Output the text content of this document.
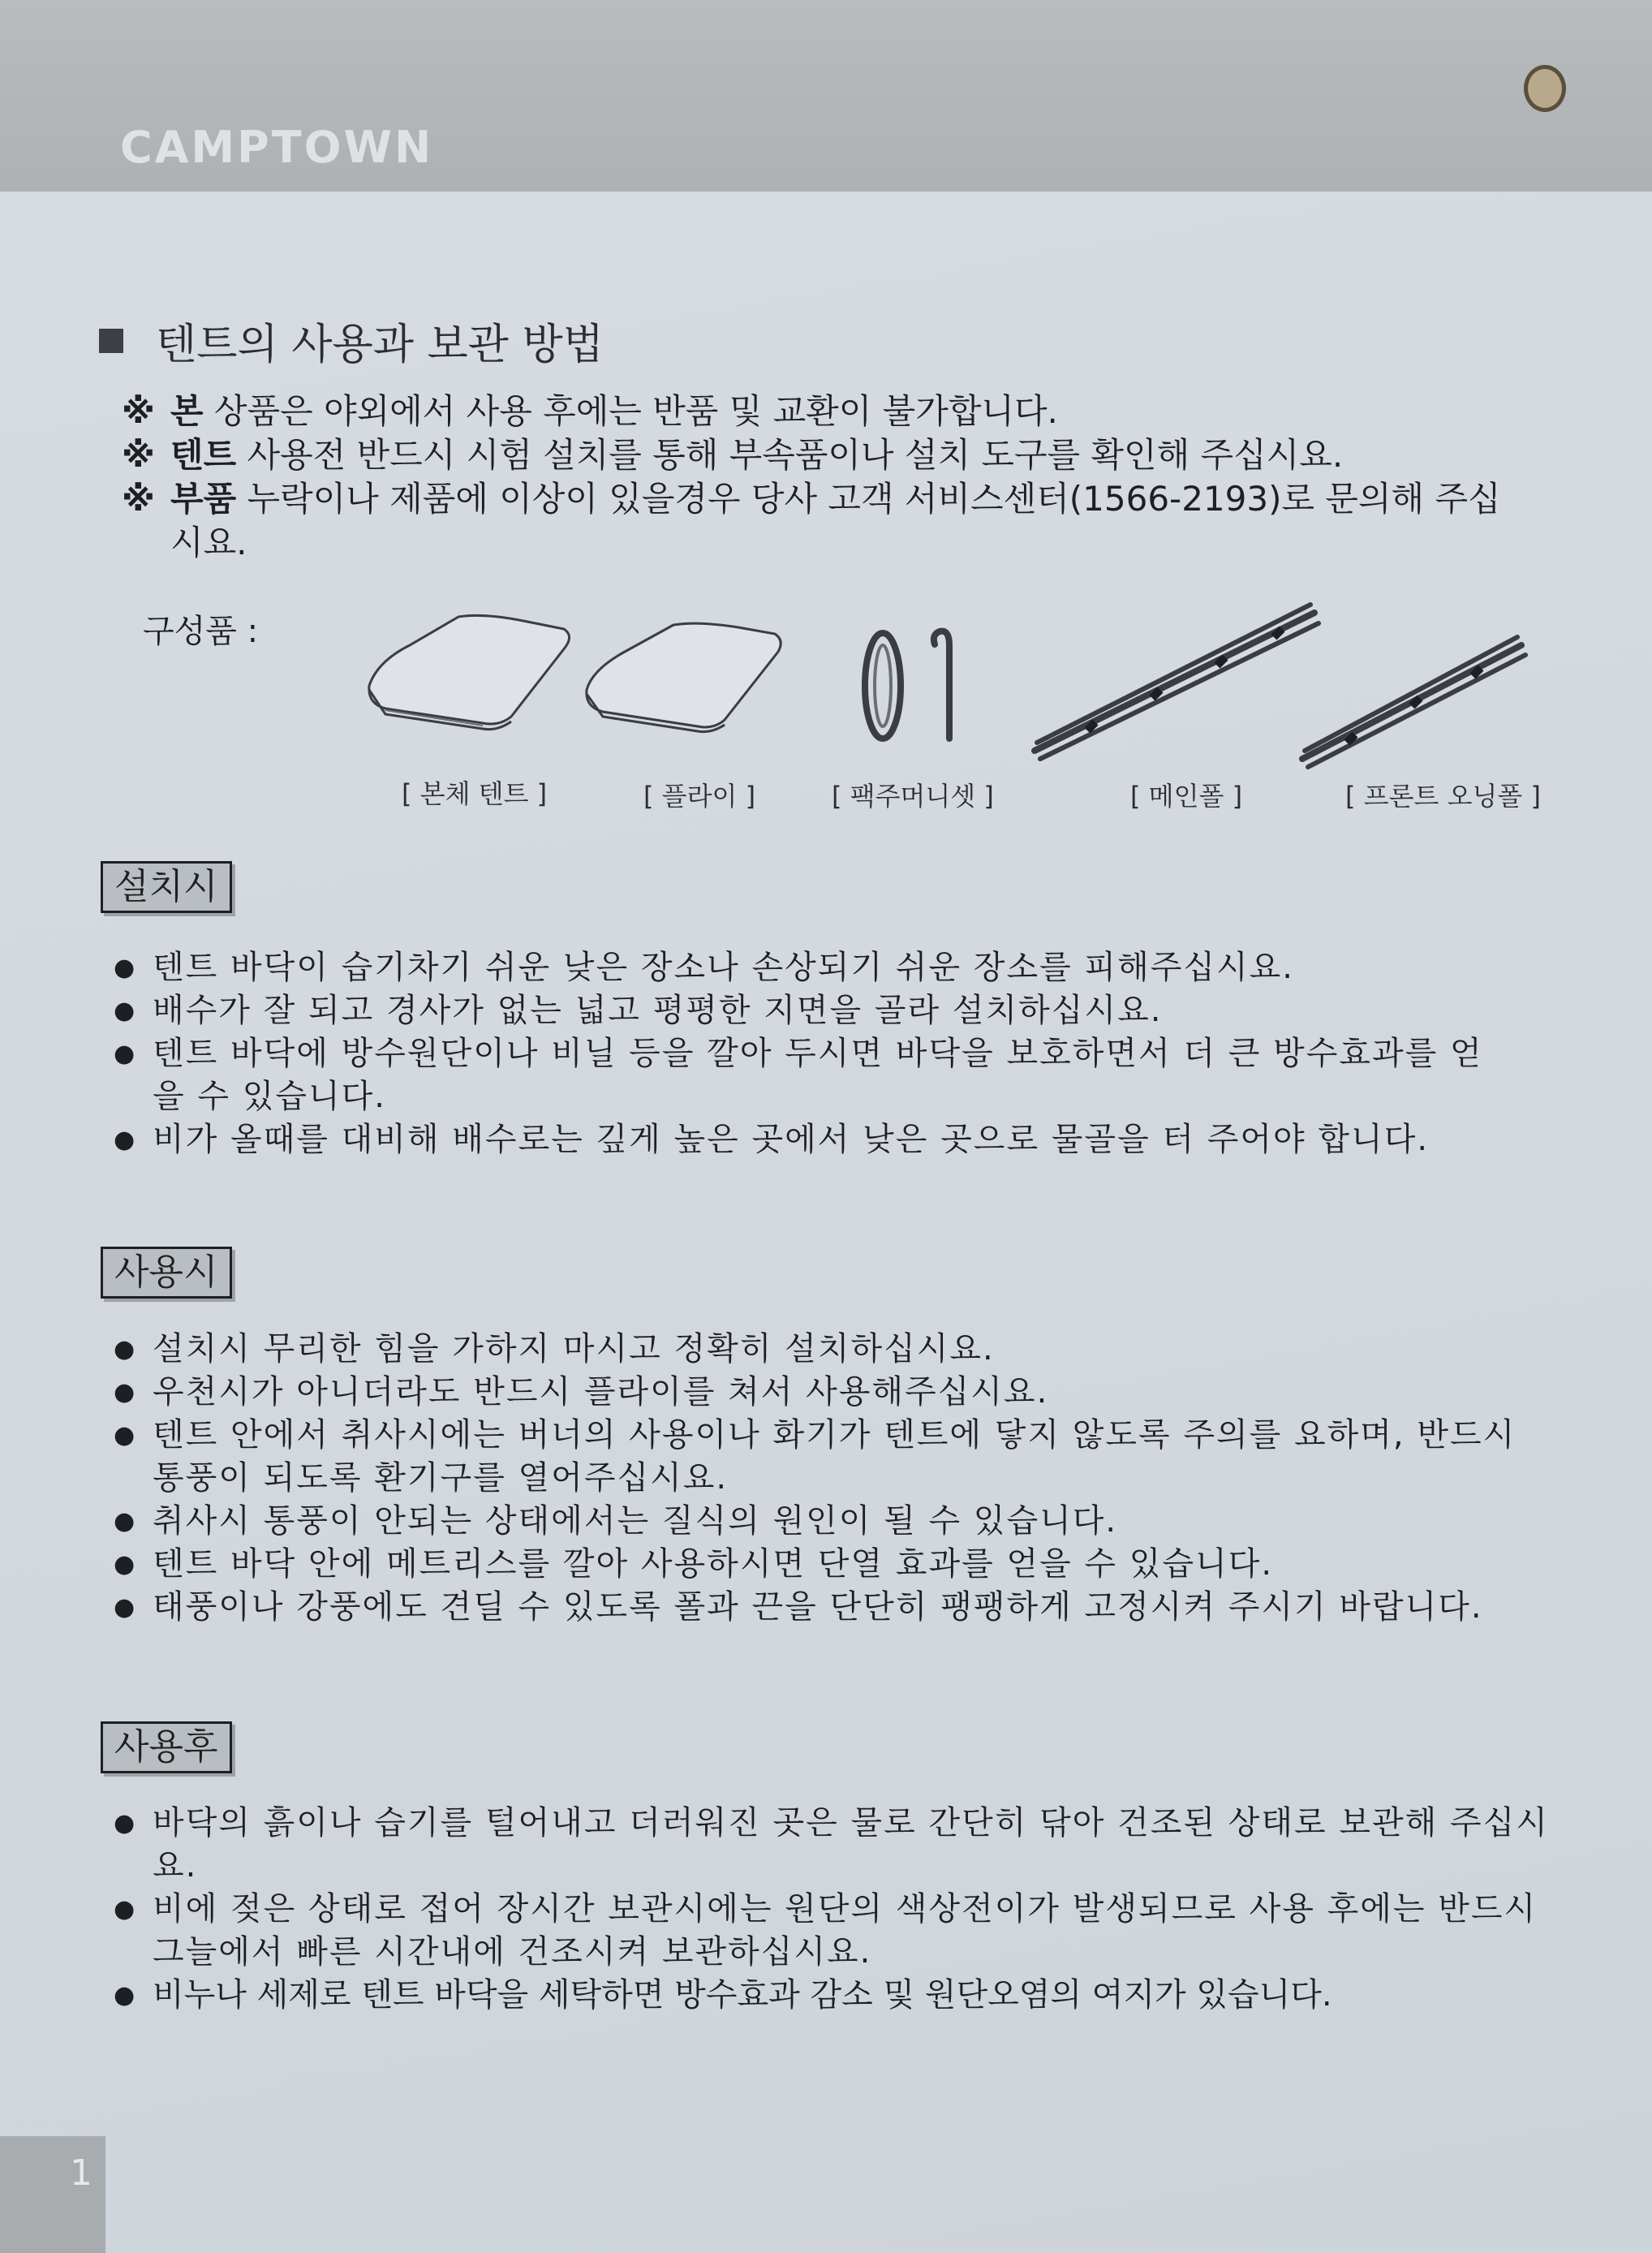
CAMPTOWN
텐트의 사용과 보관 방법
※ 본 상품은 야외에서 사용 후에는 반품 및 교환이 불가합니다.
※ 텐트 사용전 반드시 시험 설치를 통해 부속품이나 설치 도구를 확인해 주십시요.
※ 부품 누락이나 제품에 이상이 있을경우 당사 고객 서비스센터(1566-2193)로 문의해 주십시요.
구성품 :
[ 본체 텐트 ]	[ 플라이 ]	[ 팩주머니셋 ]	[ 메인폴 ]	[ 프론트 오닝폴 ]
설치시
● 텐트 바닥이 습기차기 쉬운 낮은 장소나 손상되기 쉬운 장소를 피해주십시요.
● 배수가 잘 되고 경사가 없는 넓고 평평한 지면을 골라 설치하십시요.
● 텐트 바닥에 방수원단이나 비닐 등을 깔아 두시면 바닥을 보호하면서 더 큰 방수효과를 얻을 수 있습니다.
● 비가 올때를 대비해 배수로는 깊게 높은 곳에서 낮은 곳으로 물골을 터 주어야 합니다.
사용시
● 설치시 무리한 힘을 가하지 마시고 정확히 설치하십시요.
● 우천시가 아니더라도 반드시 플라이를 쳐서 사용해주십시요.
● 텐트 안에서 취사시에는 버너의 사용이나 화기가 텐트에 닿지 않도록 주의를 요하며, 반드시 통풍이 되도록 환기구를 열어주십시요.
● 취사시 통풍이 안되는 상태에서는 질식의 원인이 될 수 있습니다.
● 텐트 바닥 안에 메트리스를 깔아 사용하시면 단열 효과를 얻을 수 있습니다.
● 태풍이나 강풍에도 견딜 수 있도록 폴과 끈을 단단히 팽팽하게 고정시켜 주시기 바랍니다.
사용후
● 바닥의 흙이나 습기를 털어내고 더러워진 곳은 물로 간단히 닦아 건조된 상태로 보관해 주십시요.
● 비에 젖은 상태로 접어 장시간 보관시에는 원단의 색상전이가 발생되므로 사용 후에는 반드시 그늘에서 빠른 시간내에 건조시켜 보관하십시요.
● 비누나 세제로 텐트 바닥을 세탁하면 방수효과 감소 및 원단오염의 여지가 있습니다.
1
